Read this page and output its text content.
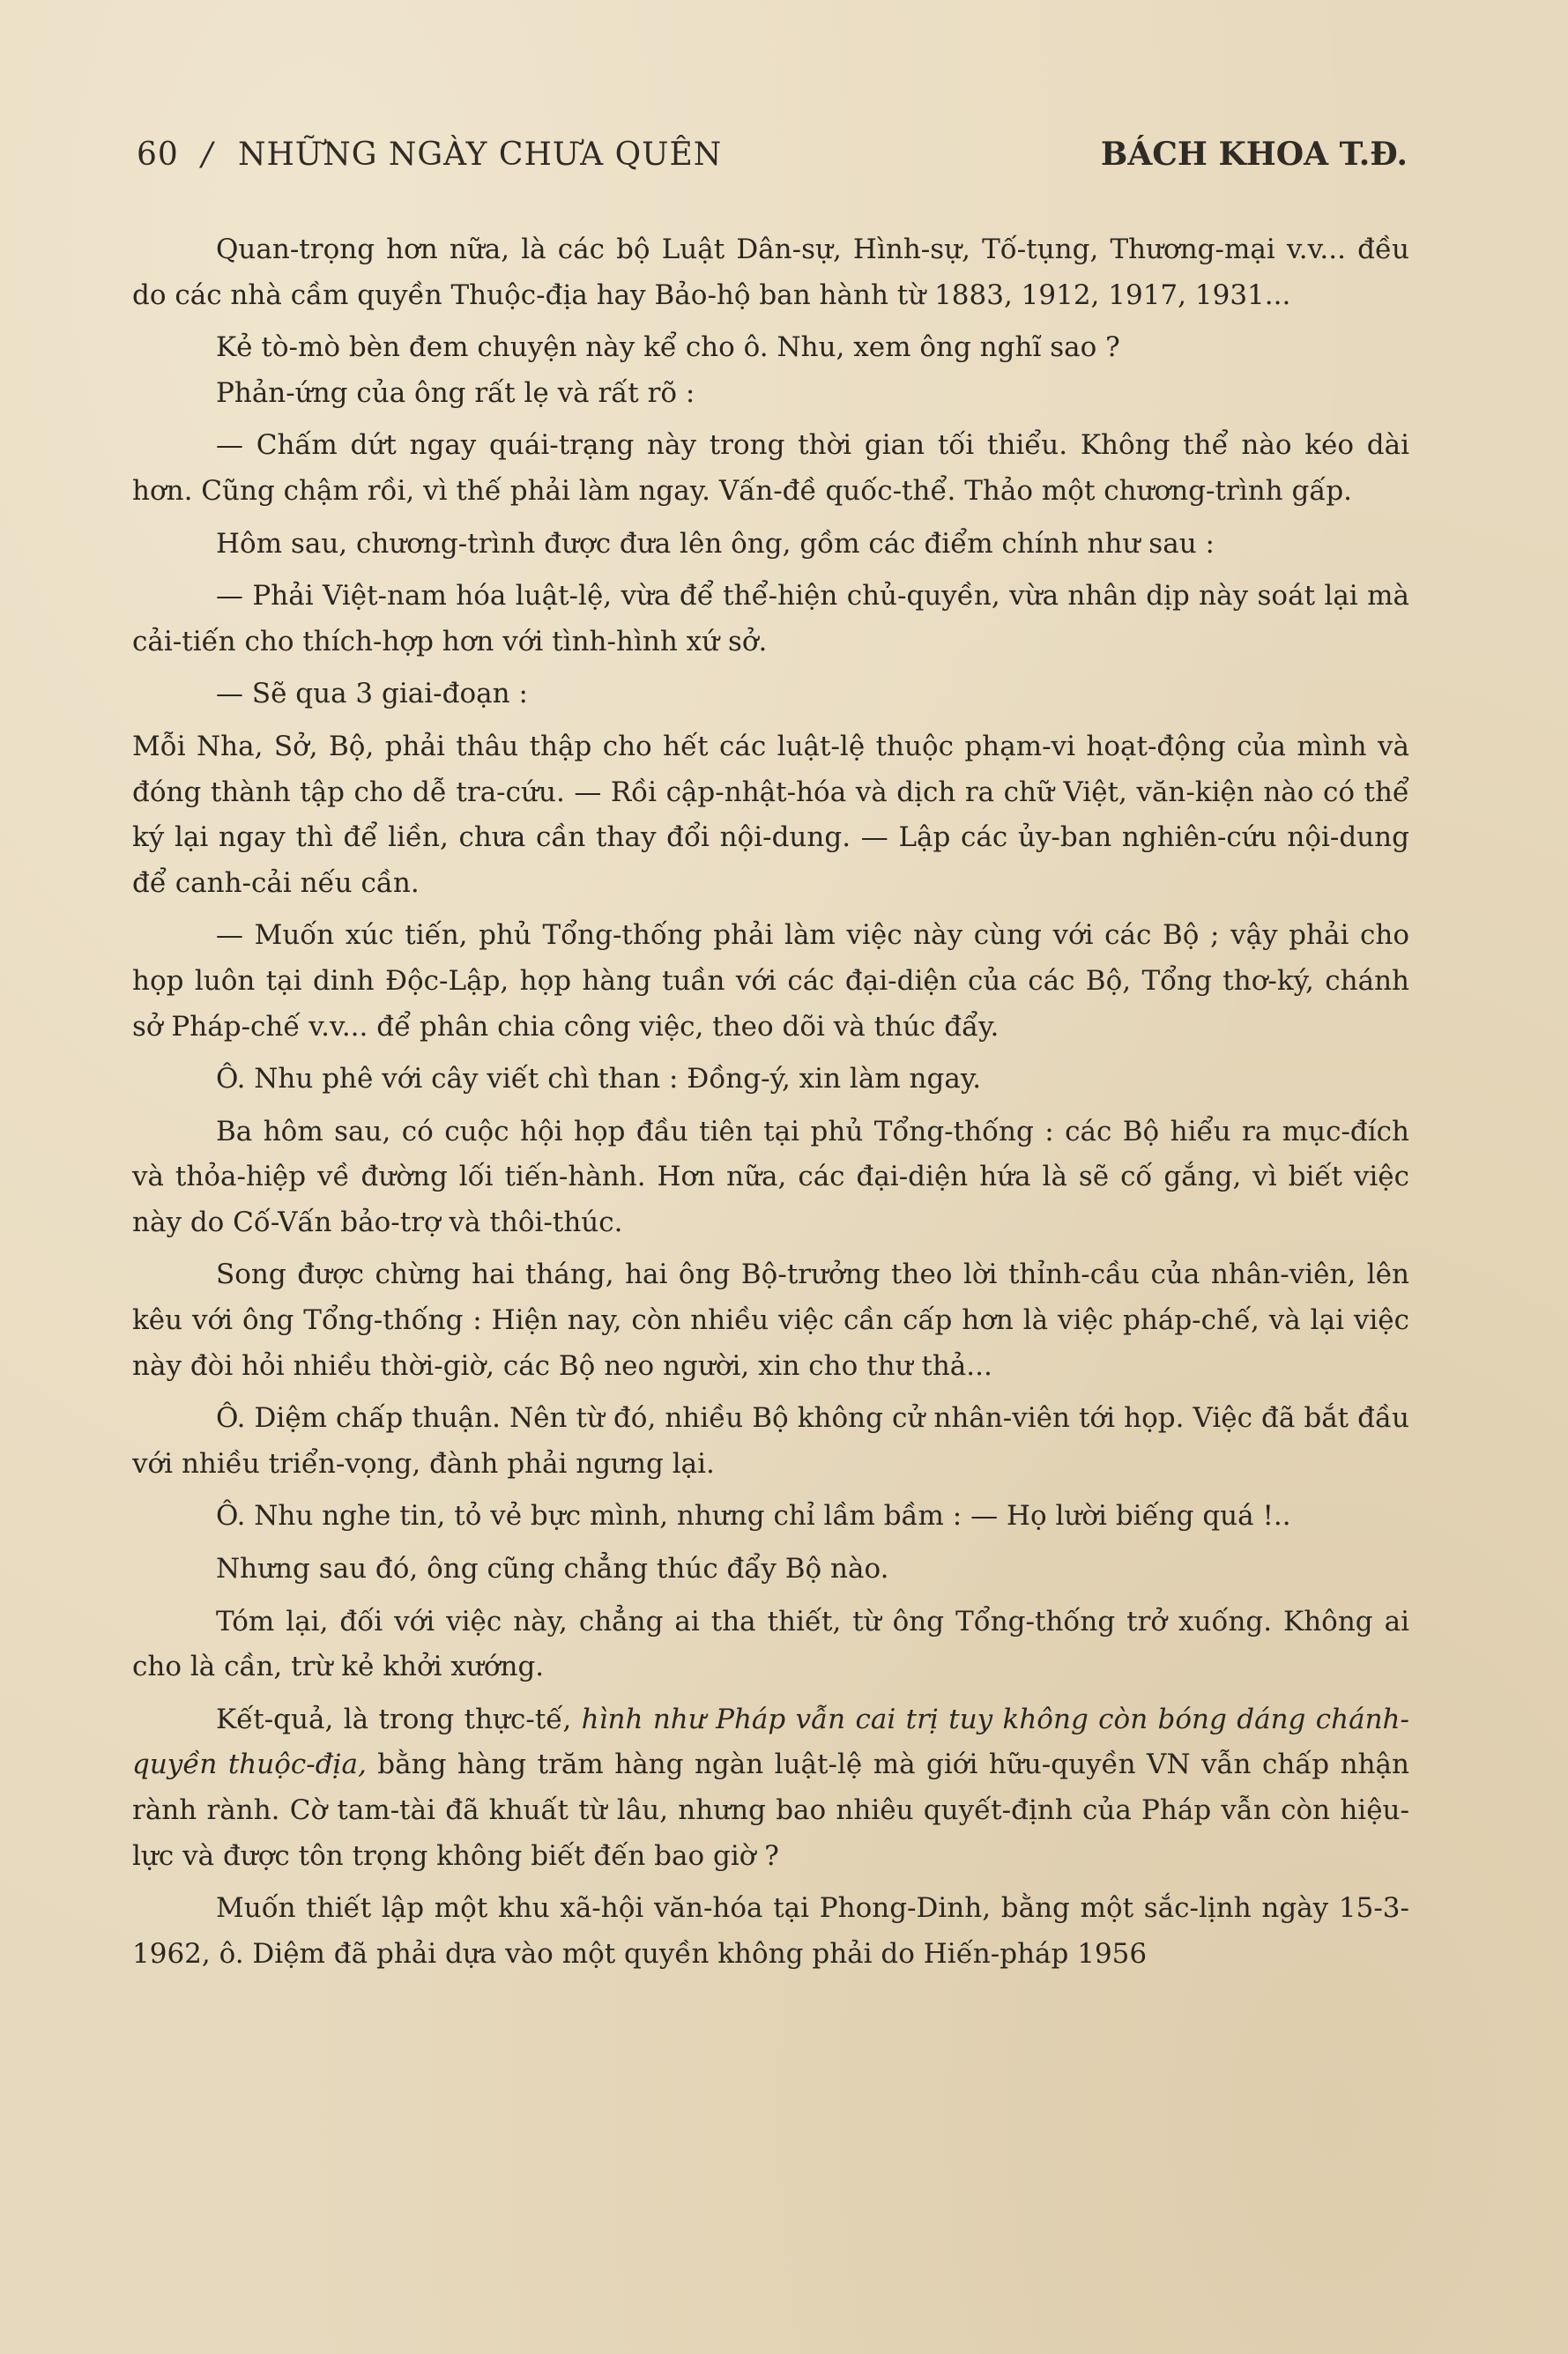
60 / NHỮNG NGÀY CHƯA QUÊN	BÁCH KHOA T.Đ.

Quan-trọng hơn nữa, là các bộ Luật Dân-sự, Hình-sự, Tố-tụng, Thương-mại v.v... đều do các nhà cầm quyền Thuộc-địa hay Bảo-hộ ban hành từ 1883, 1912, 1917, 1931...

Kẻ tò-mò bèn đem chuyện này kể cho ô. Nhu, xem ông nghĩ sao ?

Phản-ứng của ông rất lẹ và rất rõ :

— Chấm dứt ngay quái-trạng này trong thời gian tối thiểu. Không thể nào kéo dài hơn. Cũng chậm rồi, vì thế phải làm ngay. Vấn-đề quốc-thể. Thảo một chương-trình gấp.

Hôm sau, chương-trình được đưa lên ông, gồm các điểm chính như sau :

— Phải Việt-nam hóa luật-lệ, vừa để thể-hiện chủ-quyền, vừa nhân dịp này soát lại mà cải-tiến cho thích-hợp hơn với tình-hình xứ sở.

— Sẽ qua 3 giai-đoạn :

Mỗi Nha, Sở, Bộ, phải thâu thập cho hết các luật-lệ thuộc phạm-vi hoạt-động của mình và đóng thành tập cho dễ tra-cứu. — Rồi cập-nhật-hóa và dịch ra chữ Việt, văn-kiện nào có thể ký lại ngay thì để liền, chưa cần thay đổi nội-dung. — Lập các ủy-ban nghiên-cứu nội-dung để canh-cải nếu cần.

— Muốn xúc tiến, phủ Tổng-thống phải làm việc này cùng với các Bộ ; vậy phải cho họp luôn tại dinh Độc-Lập, họp hàng tuần với các đại-diện của các Bộ, Tổng thơ-ký, chánh sở Pháp-chế v.v... để phân chia công việc, theo dõi và thúc đẩy.

Ô. Nhu phê với cây viết chì than : Đồng-ý, xin làm ngay.

Ba hôm sau, có cuộc hội họp đầu tiên tại phủ Tổng-thống : các Bộ hiểu ra mục-đích và thỏa-hiệp về đường lối tiến-hành. Hơn nữa, các đại-diện hứa là sẽ cố gắng, vì biết việc này do Cố-Vấn bảo-trợ và thôi-thúc.

Song được chừng hai tháng, hai ông Bộ-trưởng theo lời thỉnh-cầu của nhân-viên, lên kêu với ông Tổng-thống : Hiện nay, còn nhiều việc cần cấp hơn là việc pháp-chế, và lại việc này đòi hỏi nhiều thời-giờ, các Bộ neo người, xin cho thư thả...

Ô. Diệm chấp thuận. Nên từ đó, nhiều Bộ không cử nhân-viên tới họp. Việc đã bắt đầu với nhiều triển-vọng, đành phải ngưng lại.

Ô. Nhu nghe tin, tỏ vẻ bực mình, nhưng chỉ lầm bầm : — Họ lười biếng quá !..

Nhưng sau đó, ông cũng chẳng thúc đẩy Bộ nào.

Tóm lại, đối với việc này, chẳng ai tha thiết, từ ông Tổng-thống trở xuống. Không ai cho là cần, trừ kẻ khởi xướng.

Kết-quả, là trong thực-tế, hình như Pháp vẫn cai trị tuy không còn bóng dáng chánh-quyền thuộc-địa, bằng hàng trăm hàng ngàn luật-lệ mà giới hữu-quyền VN vẫn chấp nhận rành rành. Cờ tam-tài đã khuất từ lâu, nhưng bao nhiêu quyết-định của Pháp vẫn còn hiệu-lực và được tôn trọng không biết đến bao giờ ?

Muốn thiết lập một khu xã-hội văn-hóa tại Phong-Dinh, bằng một sắc-lịnh ngày 15-3-1962, ô. Diệm đã phải dựa vào một quyền không phải do Hiến-pháp 1956
